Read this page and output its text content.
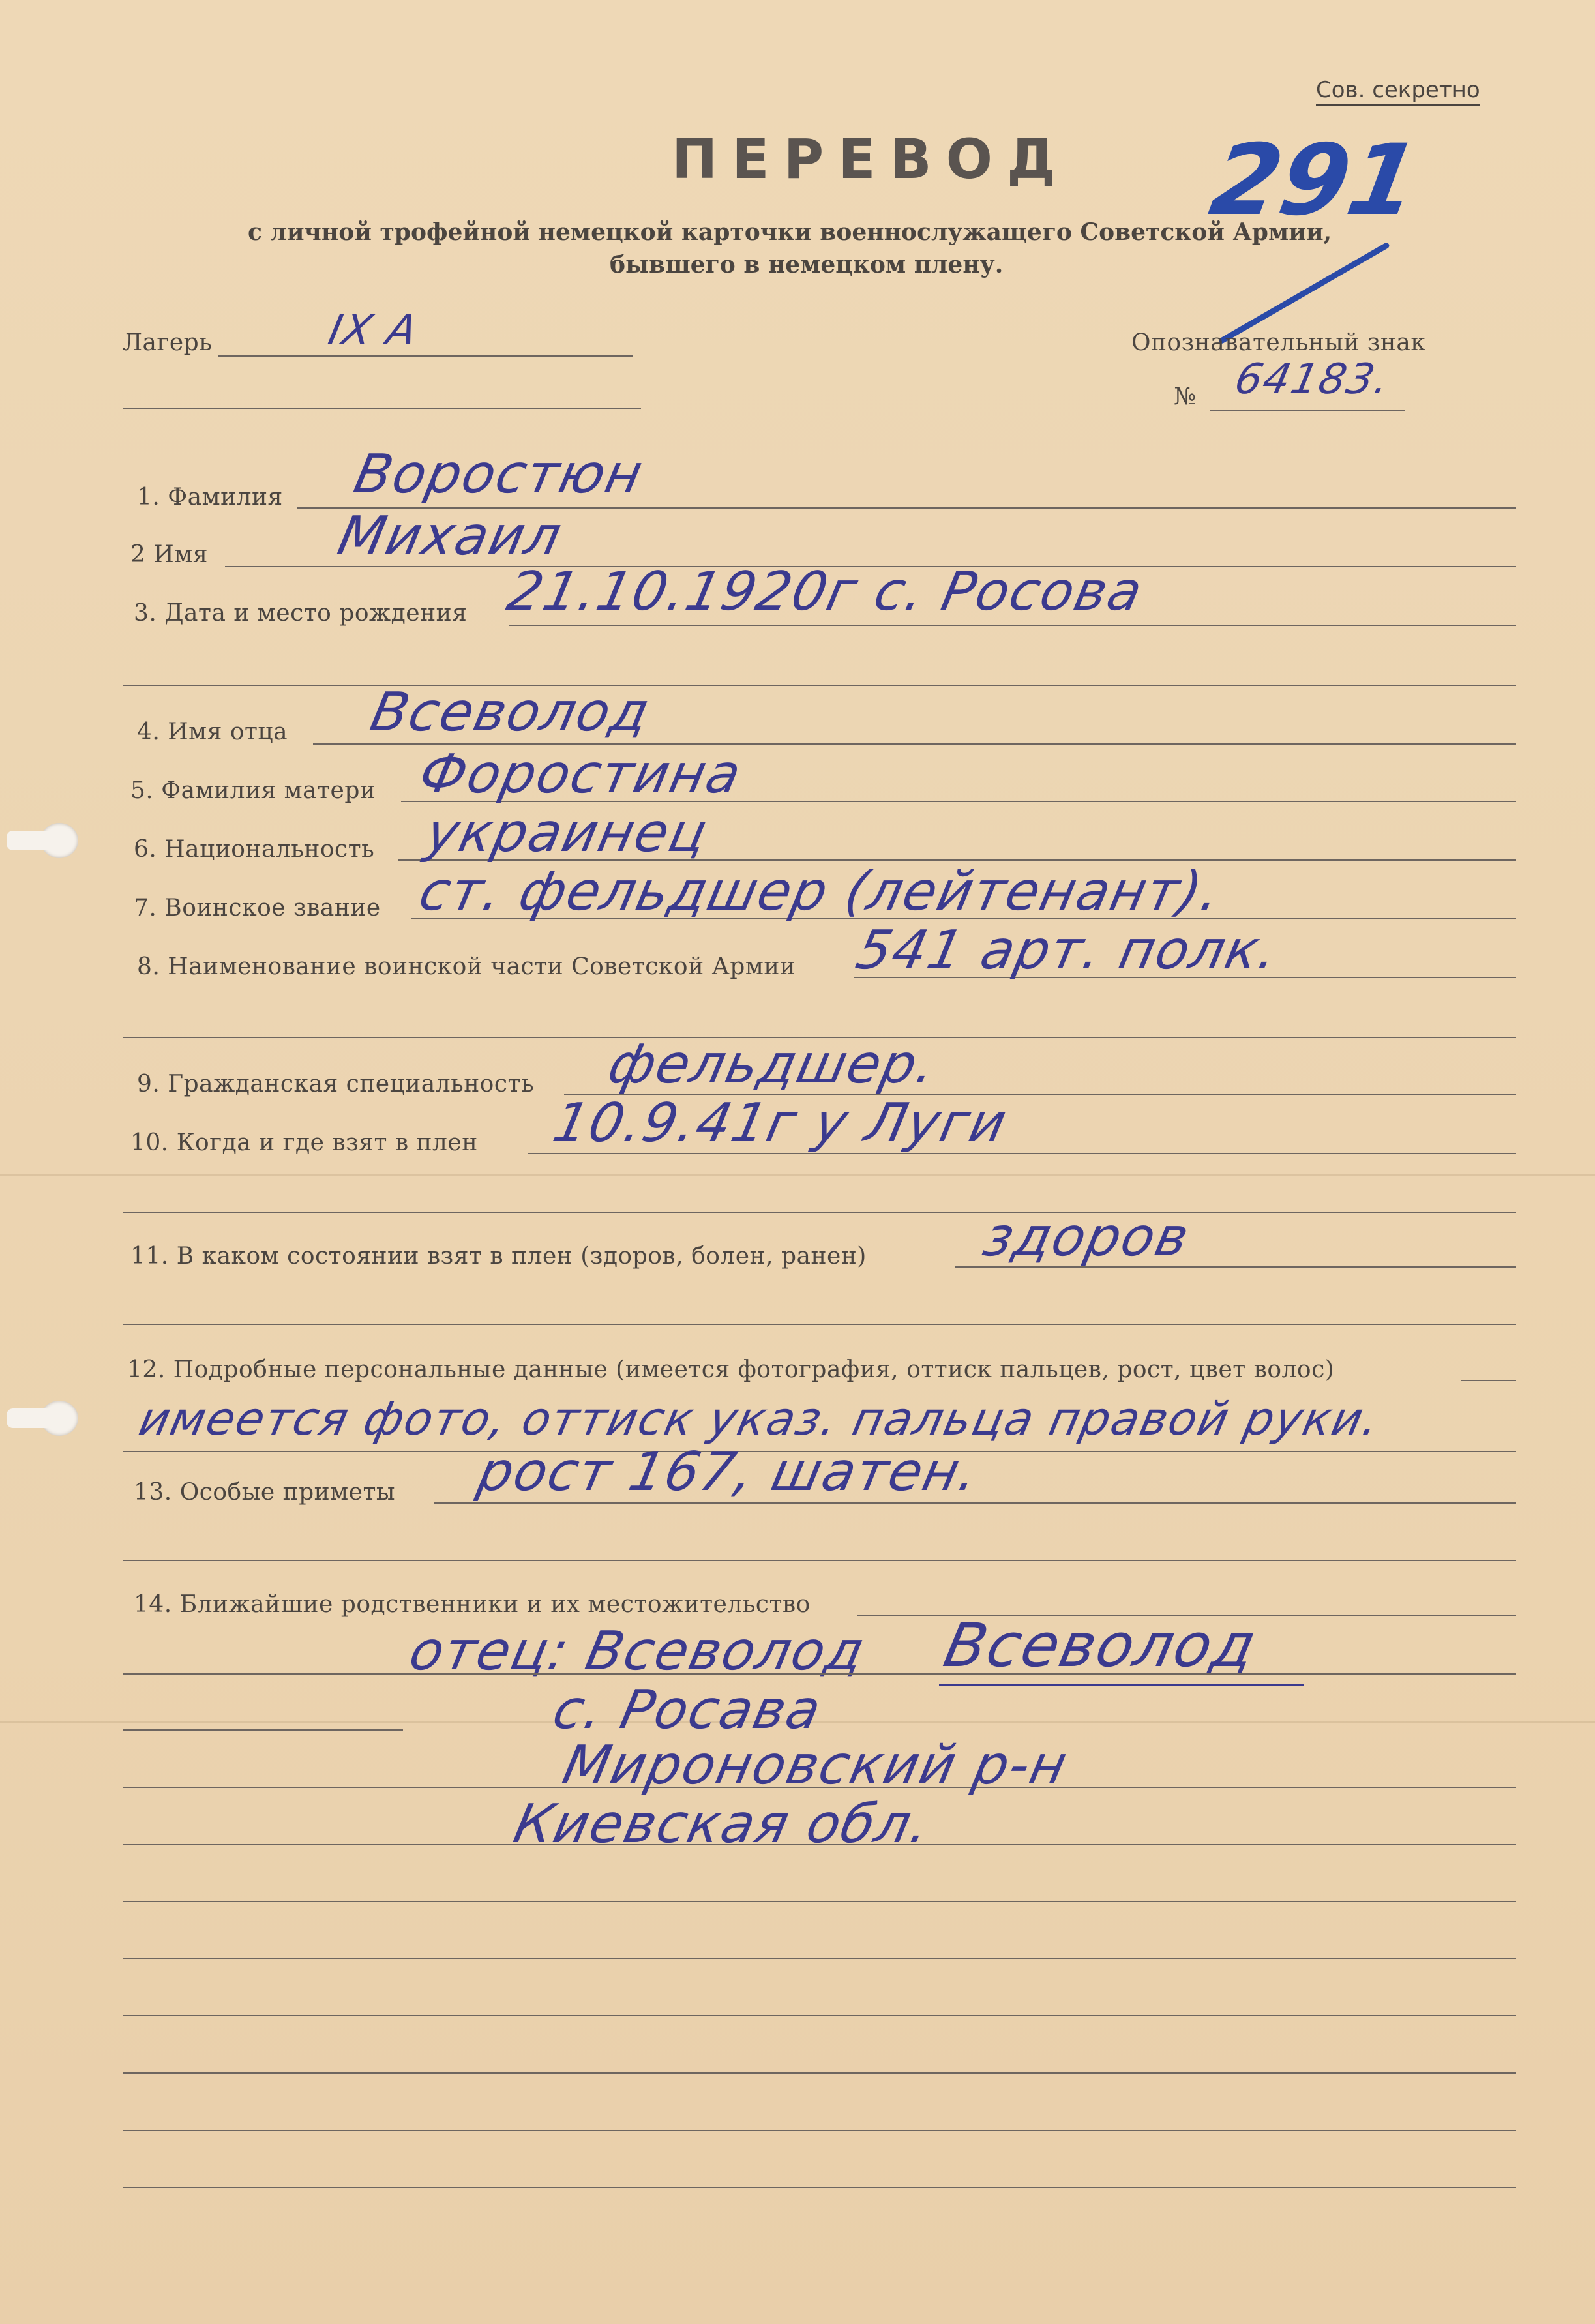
Сов. секретно
ПЕРЕВОД
с личной трофейной немецкой карточки военнослужащего Советской Армии,
бывшего в немецком плену.
291
Лагерь	IX A	Опознавательный знак
№ 64183.
1. Фамилия Воростюн
2 Имя Михаил
3. Дата и место рождения 21.10.1920г с. Росова
4. Имя отца Всеволод
5. Фамилия матери Форостина
6. Национальность украинец
7. Воинское звание ст. фельдшер (лейтенант).
8. Наименование воинской части Советской Армии 541 арт. полк.
9. Гражданская специальность фельдшер.
10. Когда и где взят в плен 10.9.41г у Луги
11. В каком состоянии взят в плен (здоров, болен, ранен) здоров
12. Подробные персональные данные (имеется фотография, оттиск пальцев, рост, цвет волос)
имеется фото, оттиск указ. пальца правой руки.
13. Особые приметы рост 167, шатен.
14. Ближайшие родственники и их местожительство
отец: Всеволод Всеволод
с. Росава
Мироновский р-н
Киевская обл.
